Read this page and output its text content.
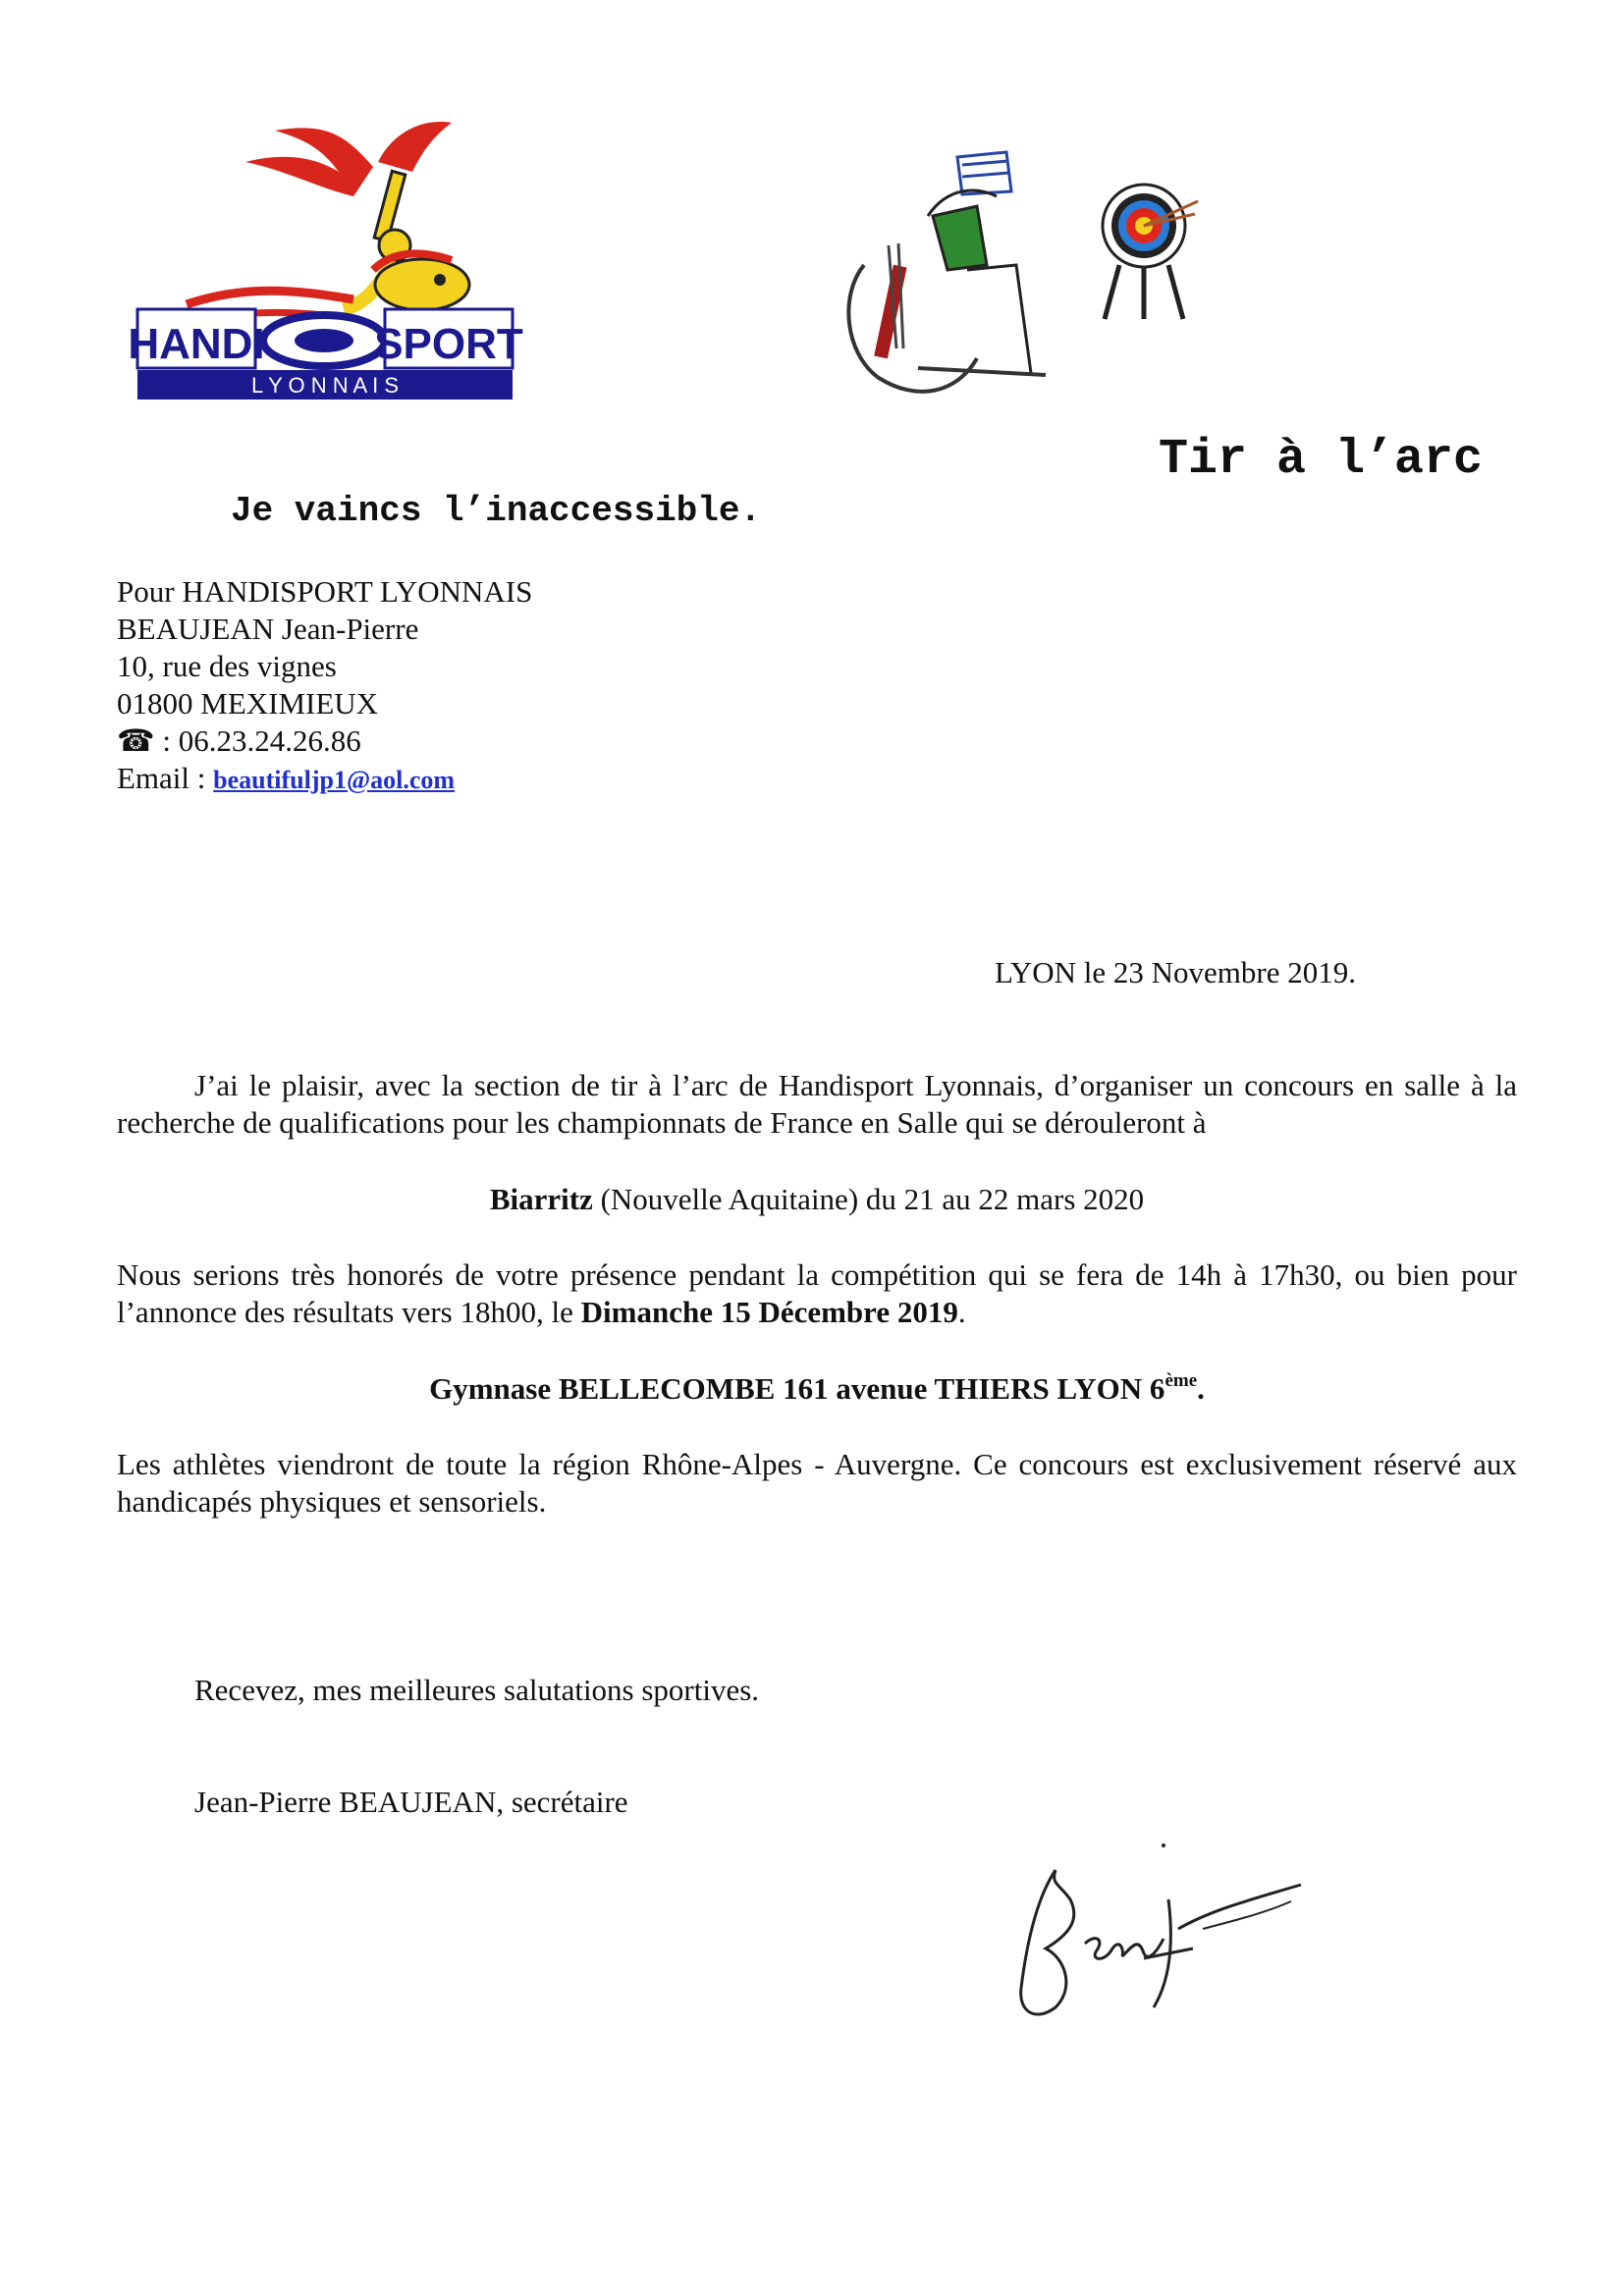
HANDI	SPORT
L Y O N N A I S
Tir à l’arc
Je vaincs l’inaccessible.
Pour HANDISPORT LYONNAIS
BEAUJEAN Jean-Pierre
10, rue des vignes
01800 MEXIMIEUX
☎ : 06.23.24.26.86
Email : beautifuljp1@aol.com
LYON le 23 Novembre 2019.
J’ai le plaisir, avec la section de tir à l’arc de Handisport Lyonnais, d’organiser un concours en salle à la recherche de qualifications pour les championnats de France en Salle qui se dérouleront à
Biarritz (Nouvelle Aquitaine) du 21 au 22 mars 2020
Nous serions très honorés de votre présence pendant la compétition qui se fera de 14h à 17h30, ou bien pour l’annonce des résultats vers 18h00, le Dimanche 15 Décembre 2019.
Gymnase BELLECOMBE 161 avenue THIERS LYON 6ème.
Les athlètes viendront de toute la région Rhône-Alpes - Auvergne. Ce concours est exclusivement réservé aux handicapés physiques et sensoriels.
Recevez, mes meilleures salutations sportives.
Jean-Pierre BEAUJEAN, secrétaire
